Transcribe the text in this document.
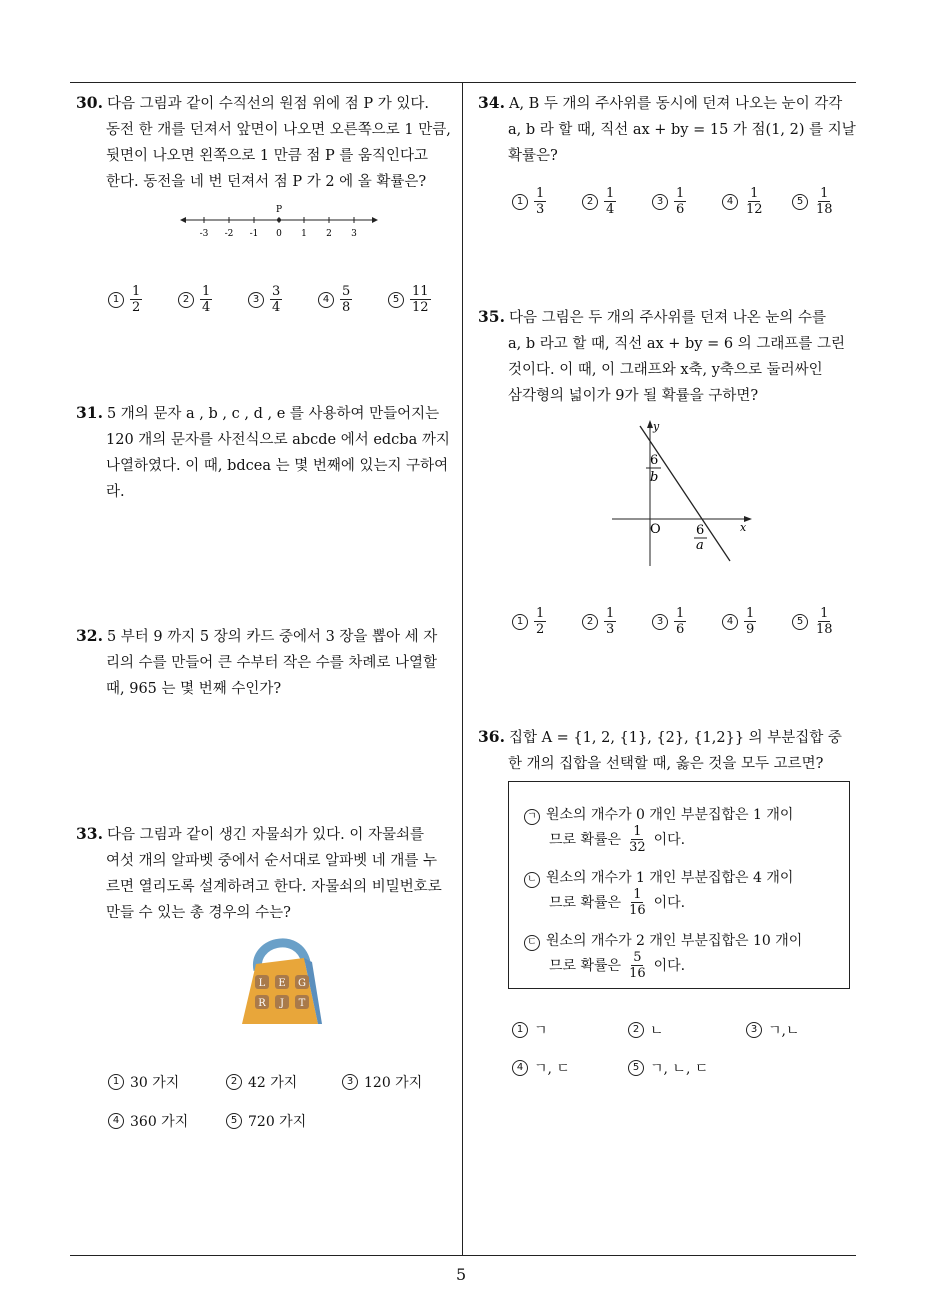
30. 다음 그림과 같이 수직선의 원점 위에 점 P 가 있다.
동전 한 개를 던져서 앞면이 나오면 오른쪽으로 1 만큼,
뒷면이 나오면 왼쪽으로 1 만큼 점 P 를 움직인다고
한다. 동전을 네 번 던져서 점 P 가 2 에 올 확률은?
-3 -2 -1 0 1 2 3
P
$1 \frac{1}{2}$	$2 \frac{1}{4}$	$3 \frac{3}{4}$	$4 \frac{5}{8}$	$5 \frac{11}{12}$
31. 5 개의 문자 a , b , c , d , e 를 사용하여 만들어지는
120 개의 문자를 사전식으로 abcde 에서 edcba 까지
나열하였다. 이 때, bdcea 는 몇 번째에 있는지 구하여
라.
32. 5 부터 9 까지 5 장의 카드 중에서 3 장을 뽑아 세 자
리의 수를 만들어 큰 수부터 작은 수를 차례로 나열할
때, 965 는 몇 번째 수인가?
33. 다음 그림과 같이 생긴 자물쇠가 있다. 이 자물쇠를
여섯 개의 알파벳 중에서 순서대로 알파벳 네 개를 누
르면 열리도록 설계하려고 한다. 자물쇠의 비밀번호로
만들 수 있는 총 경우의 수는?
L E G
R J T
1 30 가지	2 42 가지	3 120 가지
4 360 가지	5 720 가지
34. A, B 두 개의 주사위를 동시에 던져 나오는 눈이 각각
a, b 라 할 때, 직선 ax + by = 15 가 점(1, 2) 를 지날
확률은?
$1 \frac{1}{3}$	$2 \frac{1}{4}$	$3 \frac{1}{6}$	$4 \frac{1}{12}$	$5 \frac{1}{18}$
35. 다음 그림은 두 개의 주사위를 던져 나온 눈의 수를
a, b 라고 할 때, 직선 ax + by = 6 의 그래프를 그린
것이다. 이 때, 이 그래프와 x축, y축으로 둘러싸인
삼각형의 넓이가 9가 될 확률을 구하면?
y
x
O
6
b
6
a
$1 \frac{1}{2}$	$2 \frac{1}{3}$	$3 \frac{1}{6}$	$4 \frac{1}{9}$	$5 \frac{1}{18}$
36. 집합 A = {1, 2, {1}, {2}, {1,2}} 의 부분집합 중
한 개의 집합을 선택할 때, 옳은 것을 모두 고르면?
ㄱ 원소의 개수가 0 개인 부분집합은 1 개이
므로 확률은 $\frac{1}{32}$ 이다.
ㄴ 원소의 개수가 1 개인 부분집합은 4 개이
므로 확률은 $\frac{1}{16}$ 이다.
ㄷ 원소의 개수가 2 개인 부분집합은 10 개이
므로 확률은 $\frac{5}{16}$ 이다.
1 ㄱ	2 ㄴ	3 ㄱ,ㄴ
4 ㄱ, ㄷ	5 ㄱ, ㄴ, ㄷ
5
